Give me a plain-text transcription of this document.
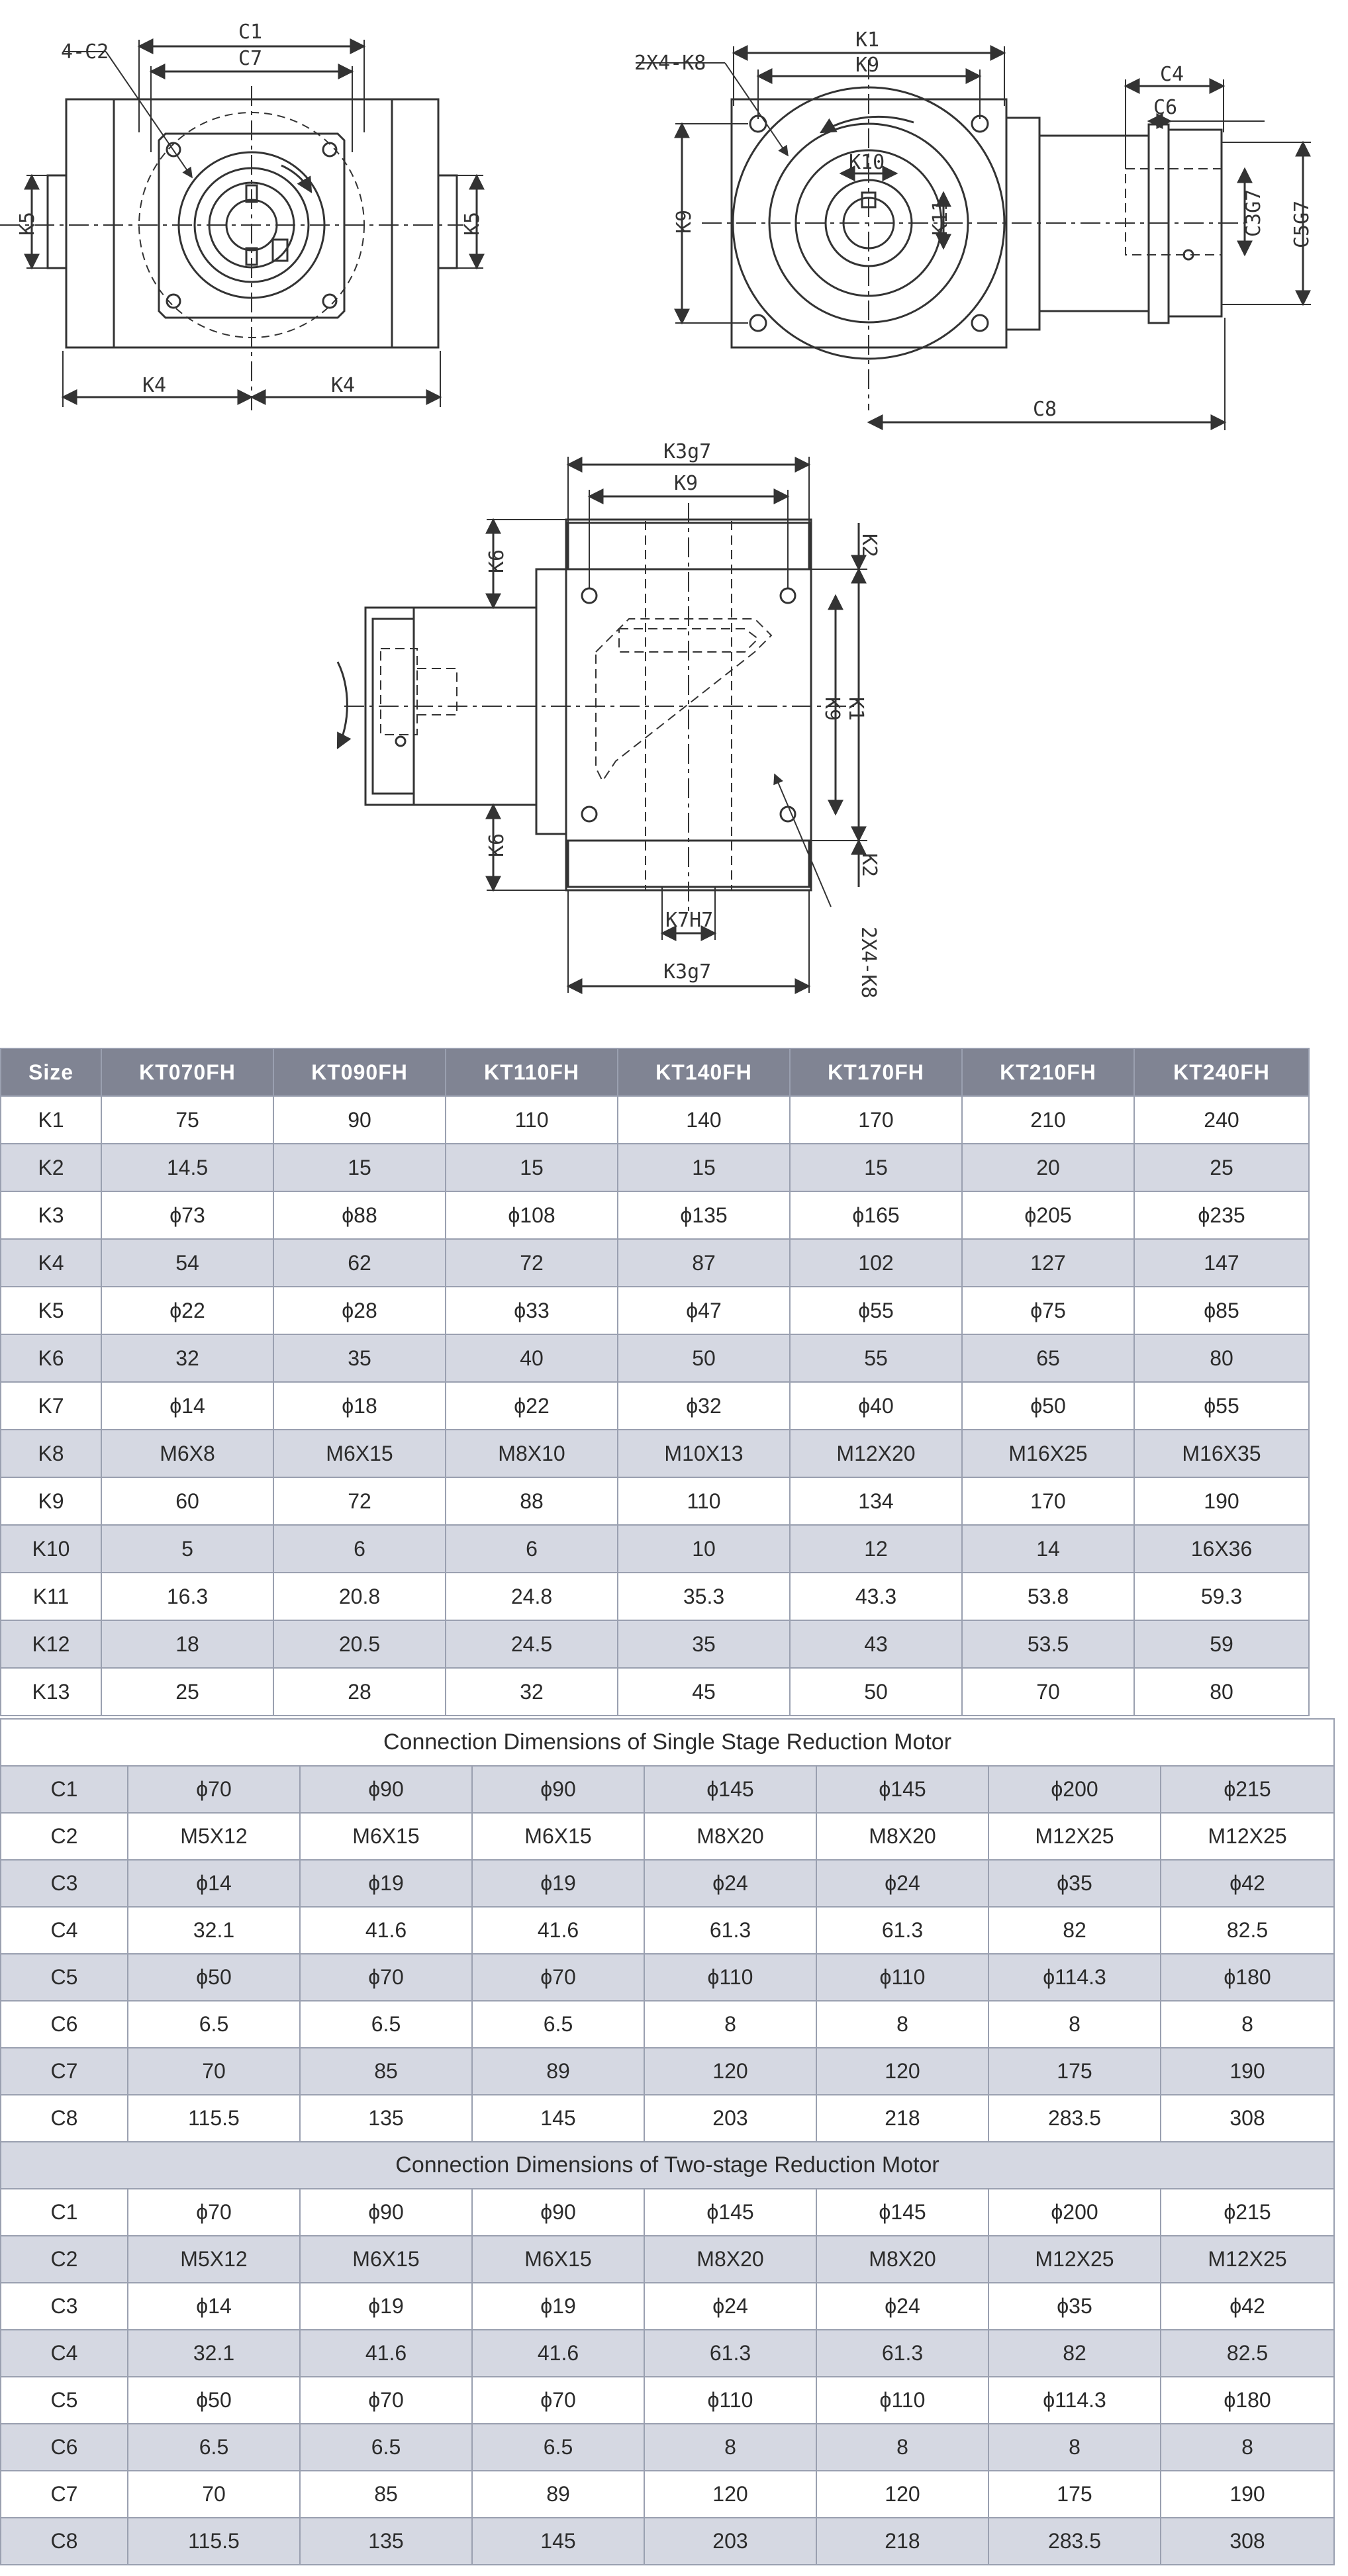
4-C2
C1
C7
K5	K5
K4	K4
2X4-K8
K1
K9
K10
K9	K11
C4
C6
C3G7 C5G7
C8
K3g7
K9
K6
K6
K2
K2
K9 K1
K7H7
K3g7	2X4-K8
Size	KT070FH	KT090FH	KT110FH	KT140FH	KT170FH	KT210FH	KT240FH
K1	75	90	110	140	170	210	240
K2	14.5	15	15	15	15	20	25
K3	ϕ73	ϕ88	ϕ108	ϕ135	ϕ165	ϕ205	ϕ235
K4	54	62	72	87	102	127	147
K5	ϕ22	ϕ28	ϕ33	ϕ47	ϕ55	ϕ75	ϕ85
K6	32	35	40	50	55	65	80
K7	ϕ14	ϕ18	ϕ22	ϕ32	ϕ40	ϕ50	ϕ55
K8	M6X8	M6X15	M8X10	M10X13	M12X20	M16X25	M16X35
K9	60	72	88	110	134	170	190
K10	5	6	6	10	12	14	16X36
K11	16.3	20.8	24.8	35.3	43.3	53.8	59.3
K12	18	20.5	24.5	35	43	53.5	59
K13	25	28	32	45	50	70	80
Connection Dimensions of Single Stage Reduction Motor							
C1	ϕ70	ϕ90	ϕ90	ϕ145	ϕ145	ϕ200	ϕ215
C2	M5X12	M6X15	M6X15	M8X20	M8X20	M12X25	M12X25
C3	ϕ14	ϕ19	ϕ19	ϕ24	ϕ24	ϕ35	ϕ42
C4	32.1	41.6	41.6	61.3	61.3	82	82.5
C5	ϕ50	ϕ70	ϕ70	ϕ110	ϕ110	ϕ114.3	ϕ180
C6	6.5	6.5	6.5	8	8	8	8
C7	70	85	89	120	120	175	190
C8	115.5	135	145	203	218	283.5	308
Connection Dimensions of Two-stage Reduction Motor							
C1	ϕ70	ϕ90	ϕ90	ϕ145	ϕ145	ϕ200	ϕ215
C2	M5X12	M6X15	M6X15	M8X20	M8X20	M12X25	M12X25
C3	ϕ14	ϕ19	ϕ19	ϕ24	ϕ24	ϕ35	ϕ42
C4	32.1	41.6	41.6	61.3	61.3	82	82.5
C5	ϕ50	ϕ70	ϕ70	ϕ110	ϕ110	ϕ114.3	ϕ180
C6	6.5	6.5	6.5	8	8	8	8
C7	70	85	89	120	120	175	190
C8	115.5	135	145	203	218	283.5	308
